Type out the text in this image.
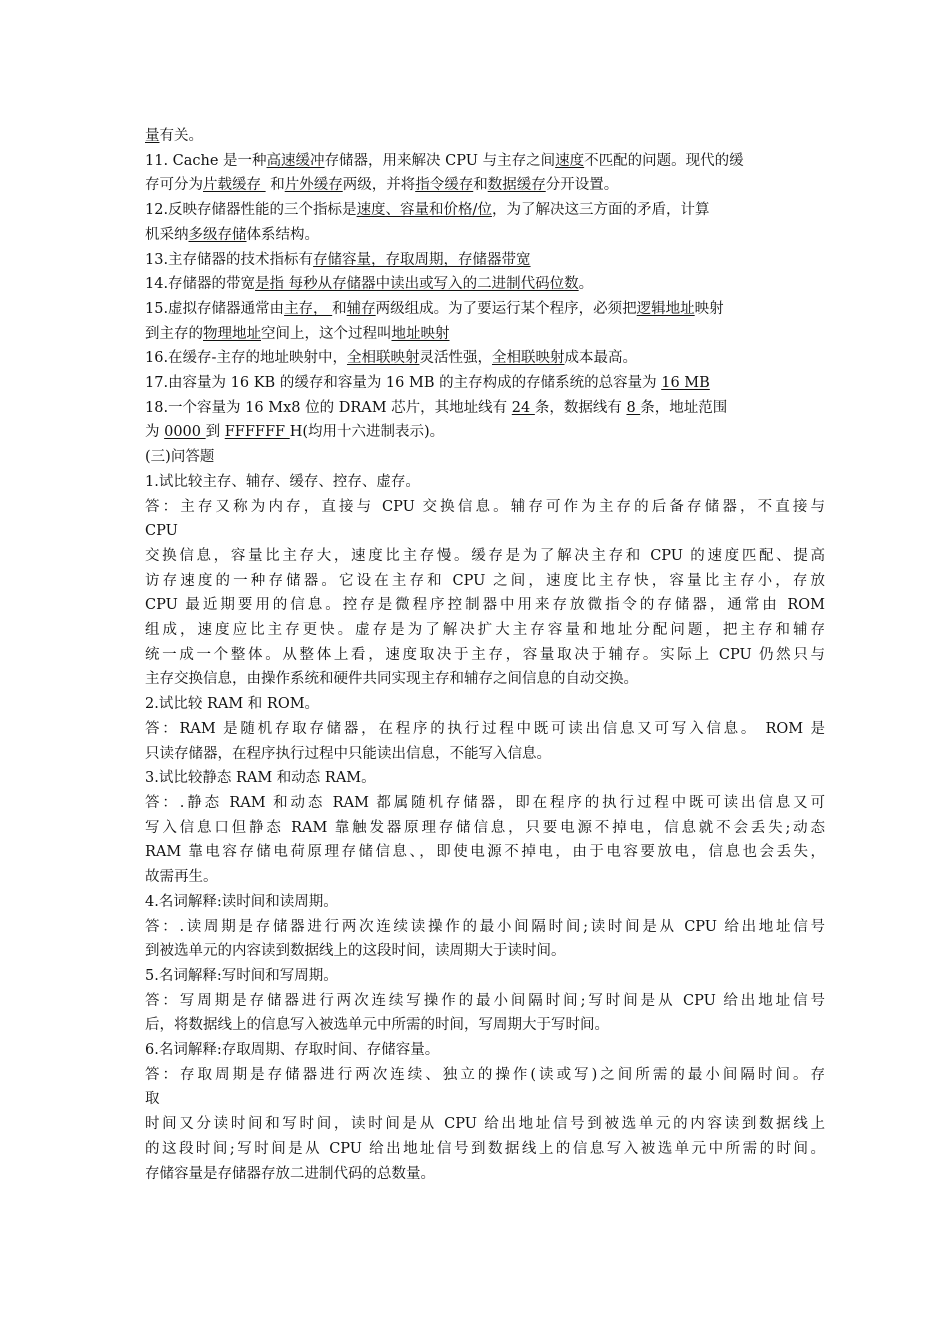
量有关。
11. Cache 是一种高速缓冲存储器，用来解决 CPU 与主存之间速度不匹配的问题。现代的缓
存可分为片载缓存  和片外缓存两级，并将指令缓存和数据缓存分开设置。
12.反映存储器性能的三个指标是速度、容量和价格/位，为了解决这三方面的矛盾，计算
机采纳多级存储体系结构。
13.主存储器的技术指标有存储容量，存取周期，存储器带宽
14.存储器的带宽是指 每秒从存储器中读出或写入的二进制代码位数。
15.虚拟存储器通常由主存， 和辅存两级组成。为了要运行某个程序，必须把逻辑地址映射
到主存的物理地址空间上，这个过程叫地址映射
16.在缓存-主存的地址映射中，全相联映射灵活性强，全相联映射成本最高。
17.由容量为 16 KB 的缓存和容量为 16 MB 的主存构成的存储系统的总容量为 16 MB
18.一个容量为 16 Mx8 位的 DRAM 芯片，其地址线有 24 条，数据线有 8 条，地址范围
为 0000 到 FFFFFF H(均用十六进制表示)。
(三)问答题
1.试比较主存、辅存、缓存、控存、虚存。
答：主存又称为内存，直接与 CPU 交换信息。辅存可作为主存的后备存储器，不直接与
CPU
交换信息，容量比主存大，速度比主存慢。缓存是为了解决主存和 CPU 的速度匹配、提高
访存速度的一种存储器。它设在主存和 CPU 之间，速度比主存快，容量比主存小，存放
CPU 最近期要用的信息。控存是微程序控制器中用来存放微指令的存储器，通常由 ROM
组成，速度应比主存更快。虚存是为了解决扩大主存容量和地址分配问题，把主存和辅存
统一成一个整体。从整体上看，速度取决于主存，容量取决于辅存。实际上 CPU 仍然只与
主存交换信息，由操作系统和硬件共同实现主存和辅存之间信息的自动交换。
2.试比较 RAM 和 ROM。
答：RAM 是随机存取存储器，在程序的执行过程中既可读出信息又可写入信息。 ROM 是
只读存储器，在程序执行过程中只能读出信息，不能写入信息。
3.试比较静态 RAM 和动态 RAM。
答：.静态 RAM 和动态 RAM 都属随机存储器，即在程序的执行过程中既可读出信息又可
写入信息口但静态 RAM 靠触发器原理存储信息，只要电源不掉电，信息就不会丢失;动态
RAM 靠电容存储电荷原理存储信息、，即使电源不掉电，由于电容要放电，信息也会丢失，
故需再生。
4.名词解释:读时间和读周期。
答：.读周期是存储器进行两次连续读操作的最小间隔时间;读时间是从 CPU 给出地址信号
到被选单元的内容读到数据线上的这段时间，读周期大于读时间。
5.名词解释:写时间和写周期。
答：写周期是存储器进行两次连续写操作的最小间隔时间;写时间是从 CPU 给出地址信号
后，将数据线上的信息写入被选单元中所需的时间，写周期大于写时间。
6.名词解释:存取周期、存取时间、存储容量。
答：存取周期是存储器进行两次连续、独立的操作(读或写)之间所需的最小间隔时间。存
取
时间又分读时间和写时间，读时间是从 CPU 给出地址信号到被选单元的内容读到数据线上
的这段时间;写时间是从 CPU 给出地址信号到数据线上的信息写入被选单元中所需的时间。
存储容量是存储器存放二进制代码的总数量。
